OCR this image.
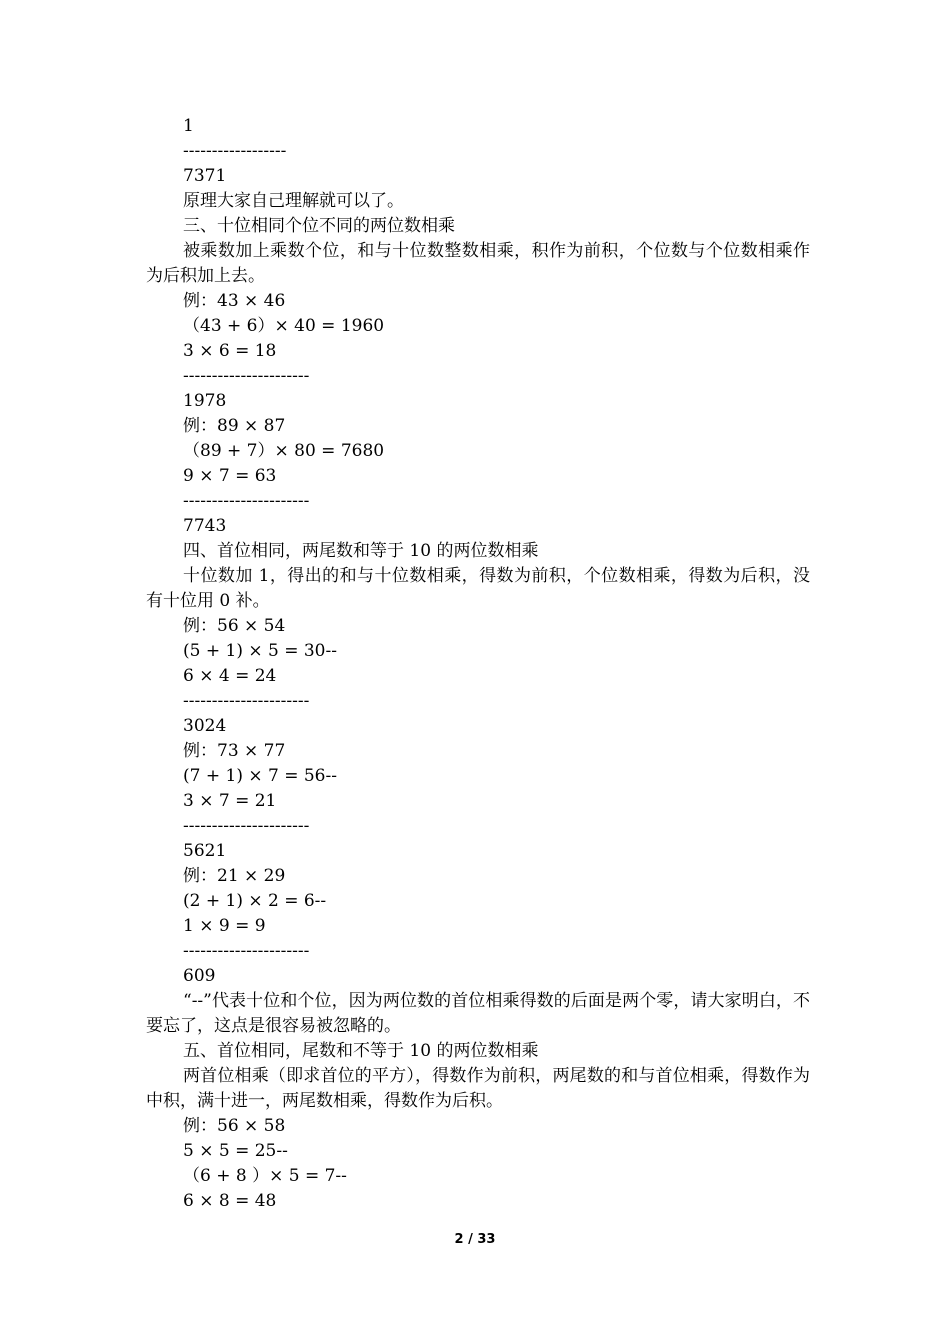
1
------------------
7371
原理大家自己理解就可以了。
三、十位相同个位不同的两位数相乘
被乘数加上乘数个位，和与十位数整数相乘，积作为前积，个位数与个位数相乘作为后积加上去。
例：43 × 46
（43 + 6）× 40 = 1960
3 × 6 = 18
----------------------
1978
例：89 × 87
（89 + 7）× 80 = 7680
9 × 7 = 63
----------------------
7743
四、首位相同，两尾数和等于 10 的两位数相乘
十位数加 1，得出的和与十位数相乘，得数为前积，个位数相乘，得数为后积，没有十位用 0 补。
例：56 × 54
(5 + 1) × 5 = 30--
6 × 4 = 24
----------------------
3024
例：73 × 77
(7 + 1) × 7 = 56--
3 × 7 = 21
----------------------
5621
例：21 × 29
(2 + 1) × 2 = 6--
1 × 9 = 9
----------------------
609
“--”代表十位和个位，因为两位数的首位相乘得数的后面是两个零，请大家明白，不要忘了，这点是很容易被忽略的。
五、首位相同，尾数和不等于 10 的两位数相乘
两首位相乘（即求首位的平方），得数作为前积，两尾数的和与首位相乘，得数作为中积，满十进一，两尾数相乘，得数作为后积。
例：56 × 58
5 × 5 = 25--
（6 + 8 ）× 5 = 7--
6 × 8 = 48
2 / 33
